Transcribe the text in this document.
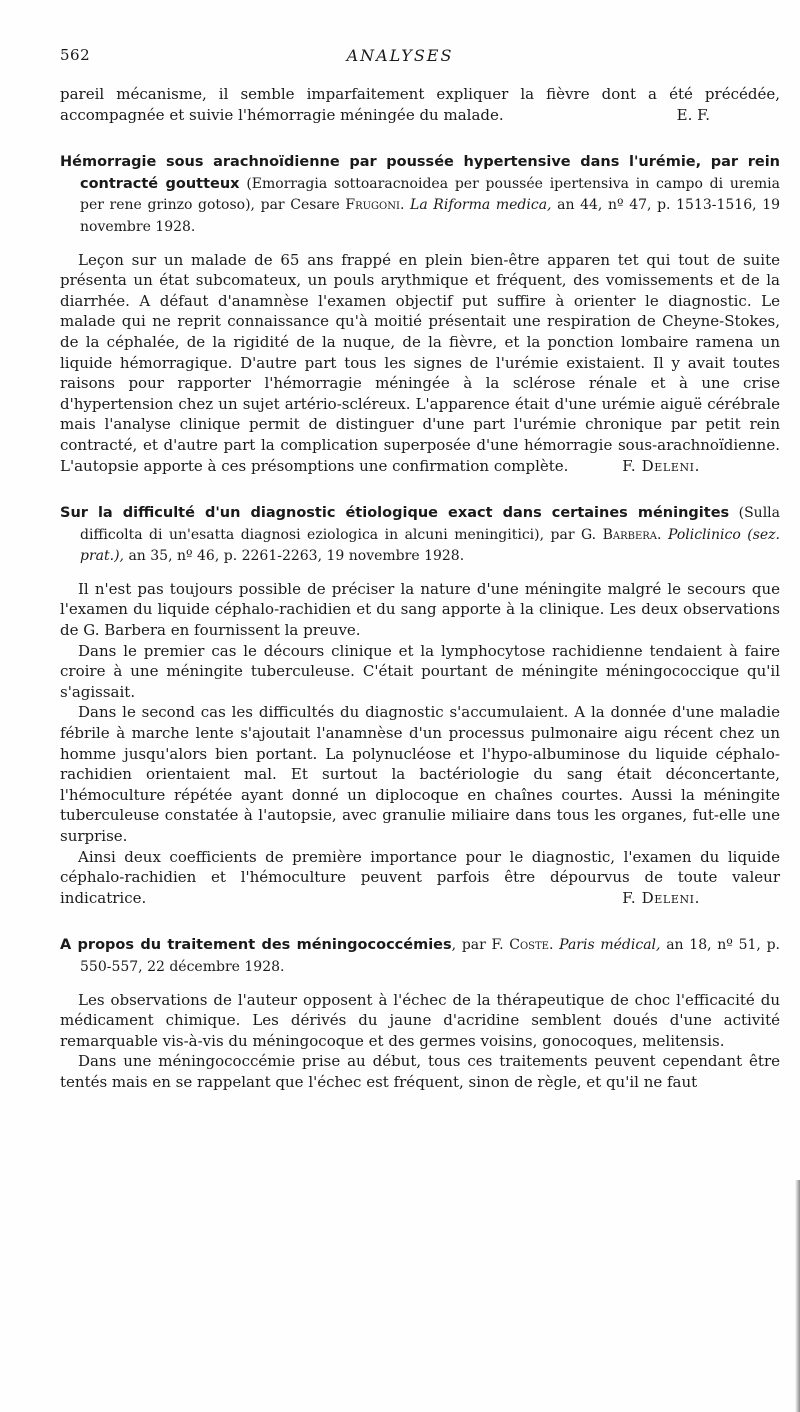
562	ANALYSES

pareil mécanisme, il semble imparfaitement expliquer la fièvre dont a été précédée, accompagnée et suivie l'hémorragie méningée du malade.	E. F.

Hémorragie sous arachnoïdienne par poussée hypertensive dans l'urémie, par rein contracté goutteux (Emorragia sottoaracnoidea per poussée ipertensiva in campo di uremia per rene grinzo gotoso), par Cesare Frugoni. La Riforma medica, an 44, nº 47, p. 1513-1516, 19 novembre 1928.

Leçon sur un malade de 65 ans frappé en plein bien-être apparen tet qui tout de suite présenta un état subcomateux, un pouls arythmique et fréquent, des vomissements et de la diarrhée. A défaut d'anamnèse l'examen objectif put suffire à orienter le diagnostic. Le malade qui ne reprit connaissance qu'à moitié présentait une respiration de Cheyne-Stokes, de la céphalée, de la rigidité de la nuque, de la fièvre, et la ponction lombaire ramena un liquide hémorragique. D'autre part tous les signes de l'urémie existaient. Il y avait toutes raisons pour rapporter l'hémorragie méningée à la sclérose rénale et à une crise d'hypertension chez un sujet artério-scléreux. L'apparence était d'une urémie aiguë cérébrale mais l'analyse clinique permit de distinguer d'une part l'urémie chronique par petit rein contracté, et d'autre part la complication superposée d'une hémorragie sous-arachnoïdienne. L'autopsie apporte à ces présomptions une confirmation complète.	F. Deleni.

Sur la difficulté d'un diagnostic étiologique exact dans certaines méningites (Sulla difficolta di un'esatta diagnosi eziologica in alcuni meningitici), par G. Barbera. Policlinico (sez. prat.), an 35, nº 46, p. 2261-2263, 19 novembre 1928.

Il n'est pas toujours possible de préciser la nature d'une méningite malgré le secours que l'examen du liquide céphalo-rachidien et du sang apporte à la clinique. Les deux observations de G. Barbera en fournissent la preuve.

Dans le premier cas le décours clinique et la lymphocytose rachidienne tendaient à faire croire à une méningite tuberculeuse. C'était pourtant de méningite méningococcique qu'il s'agissait.

Dans le second cas les difficultés du diagnostic s'accumulaient. A la donnée d'une maladie fébrile à marche lente s'ajoutait l'anamnèse d'un processus pulmonaire aigu récent chez un homme jusqu'alors bien portant. La polynucléose et l'hypo-albuminose du liquide céphalo-rachidien orientaient mal. Et surtout la bactériologie du sang était déconcertante, l'hémoculture répétée ayant donné un diplocoque en chaînes courtes. Aussi la méningite tuberculeuse constatée à l'autopsie, avec granulie miliaire dans tous les organes, fut-elle une surprise.

Ainsi deux coefficients de première importance pour le diagnostic, l'examen du liquide céphalo-rachidien et l'hémoculture peuvent parfois être dépourvus de toute valeur indicatrice.	F. Deleni.

A propos du traitement des méningococcémies, par F. Coste. Paris médical, an 18, nº 51, p. 550-557, 22 décembre 1928.

Les observations de l'auteur opposent à l'échec de la thérapeutique de choc l'efficacité du médicament chimique. Les dérivés du jaune d'acridine semblent doués d'une activité remarquable vis-à-vis du méningocoque et des germes voisins, gonocoques, melitensis.

Dans une méningococcémie prise au début, tous ces traitements peuvent cependant être tentés mais en se rappelant que l'échec est fréquent, sinon de règle, et qu'il ne faut
